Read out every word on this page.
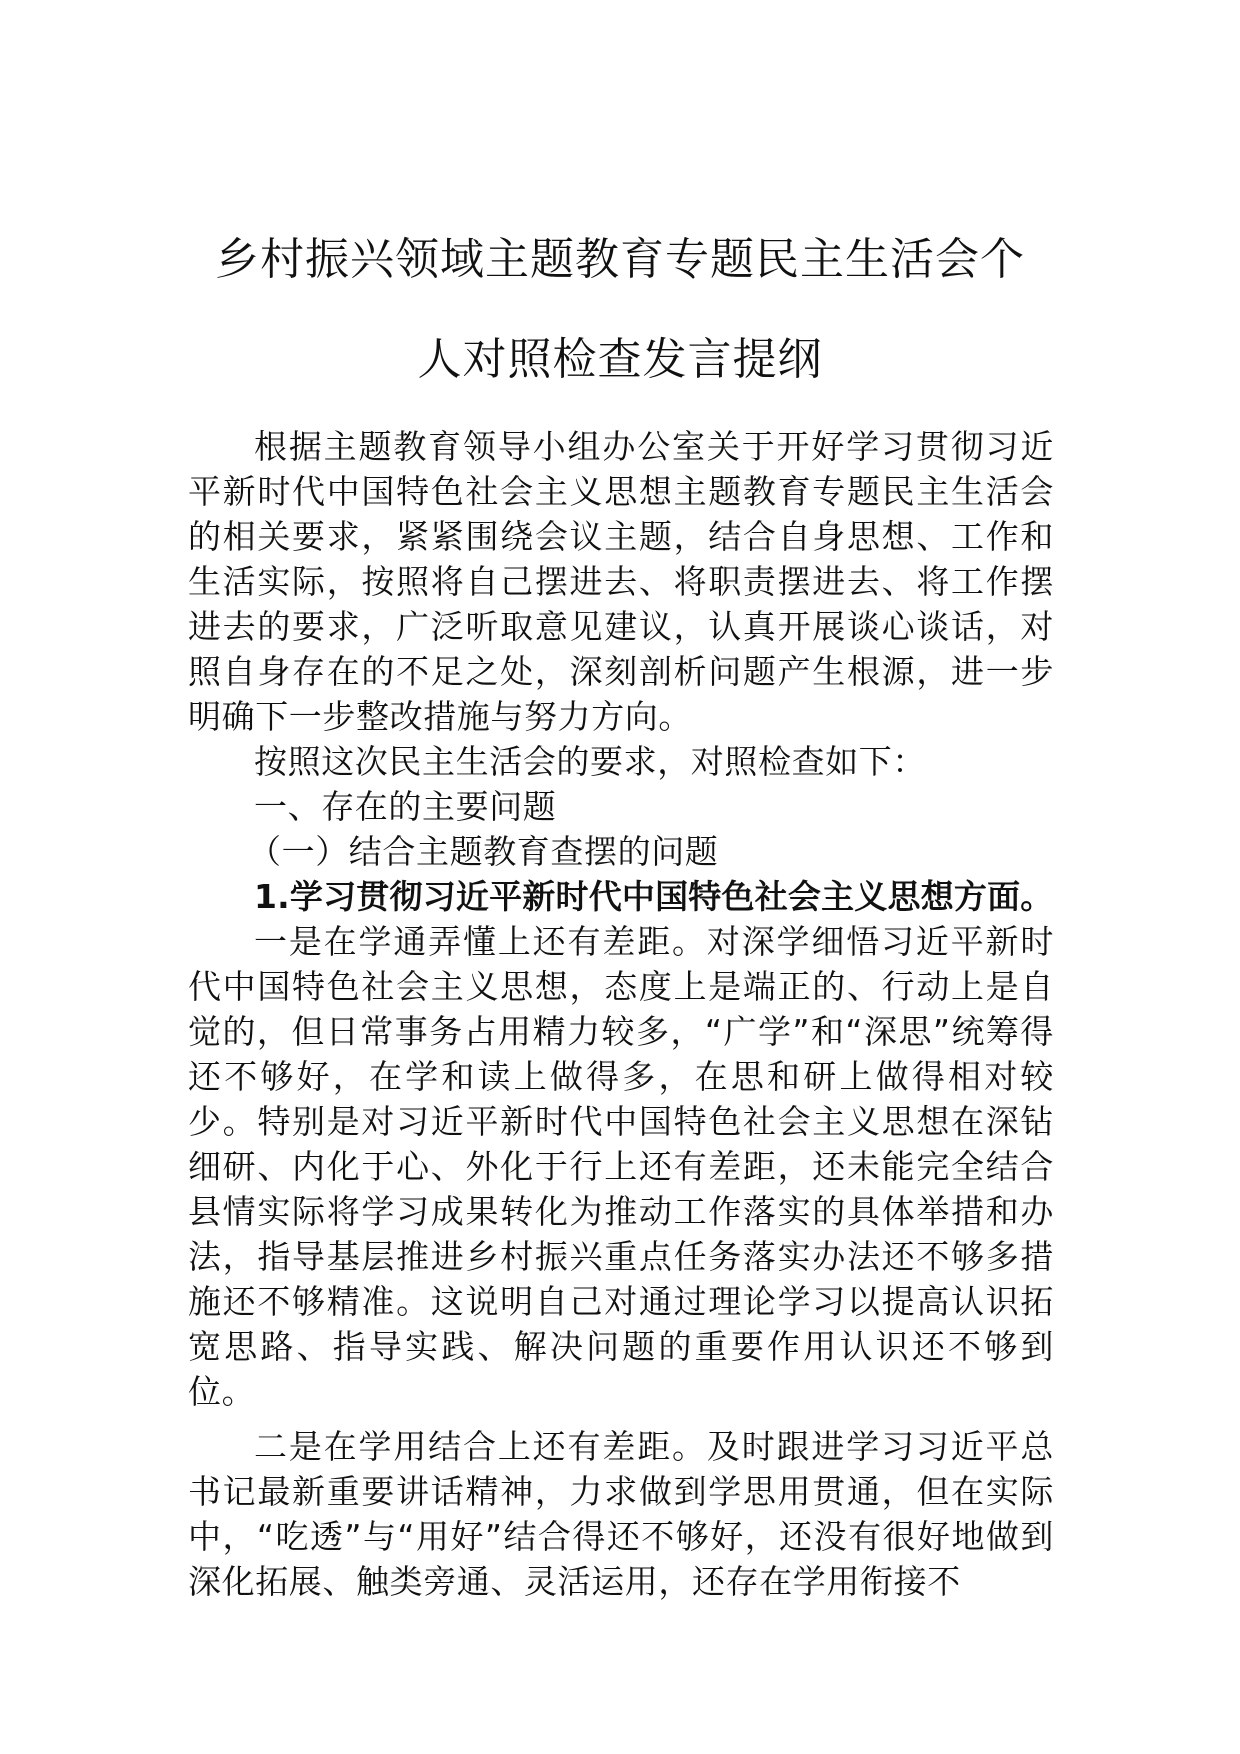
乡村振兴领域主题教育专题民主生活会个
人对照检查发言提纲

根据主题教育领导小组办公室关于开好学习贯彻习近平新时代中国特色社会主义思想主题教育专题民主生活会的相关要求，紧紧围绕会议主题，结合自身思想、工作和生活实际，按照将自己摆进去、将职责摆进去、将工作摆进去的要求，广泛听取意见建议，认真开展谈心谈话，对照自身存在的不足之处，深刻剖析问题产生根源，进一步明确下一步整改措施与努力方向。

按照这次民主生活会的要求，对照检查如下：

一、存在的主要问题

（一）结合主题教育查摆的问题

1.学习贯彻习近平新时代中国特色社会主义思想方面。

一是在学通弄懂上还有差距。对深学细悟习近平新时代中国特色社会主义思想，态度上是端正的、行动上是自觉的，但日常事务占用精力较多，“广学”和“深思”统筹得还不够好，在学和读上做得多，在思和研上做得相对较少。特别是对习近平新时代中国特色社会主义思想在深钻细研、内化于心、外化于行上还有差距，还未能完全结合县情实际将学习成果转化为推动工作落实的具体举措和办法，指导基层推进乡村振兴重点任务落实办法还不够多措施还不够精准。这说明自己对通过理论学习以提高认识拓宽思路、指导实践、解决问题的重要作用认识还不够到位。

二是在学用结合上还有差距。及时跟进学习习近平总书记最新重要讲话精神，力求做到学思用贯通，但在实际中，“吃透”与“用好”结合得还不够好，还没有很好地做到深化拓展、触类旁通、灵活运用，还存在学用衔接不
